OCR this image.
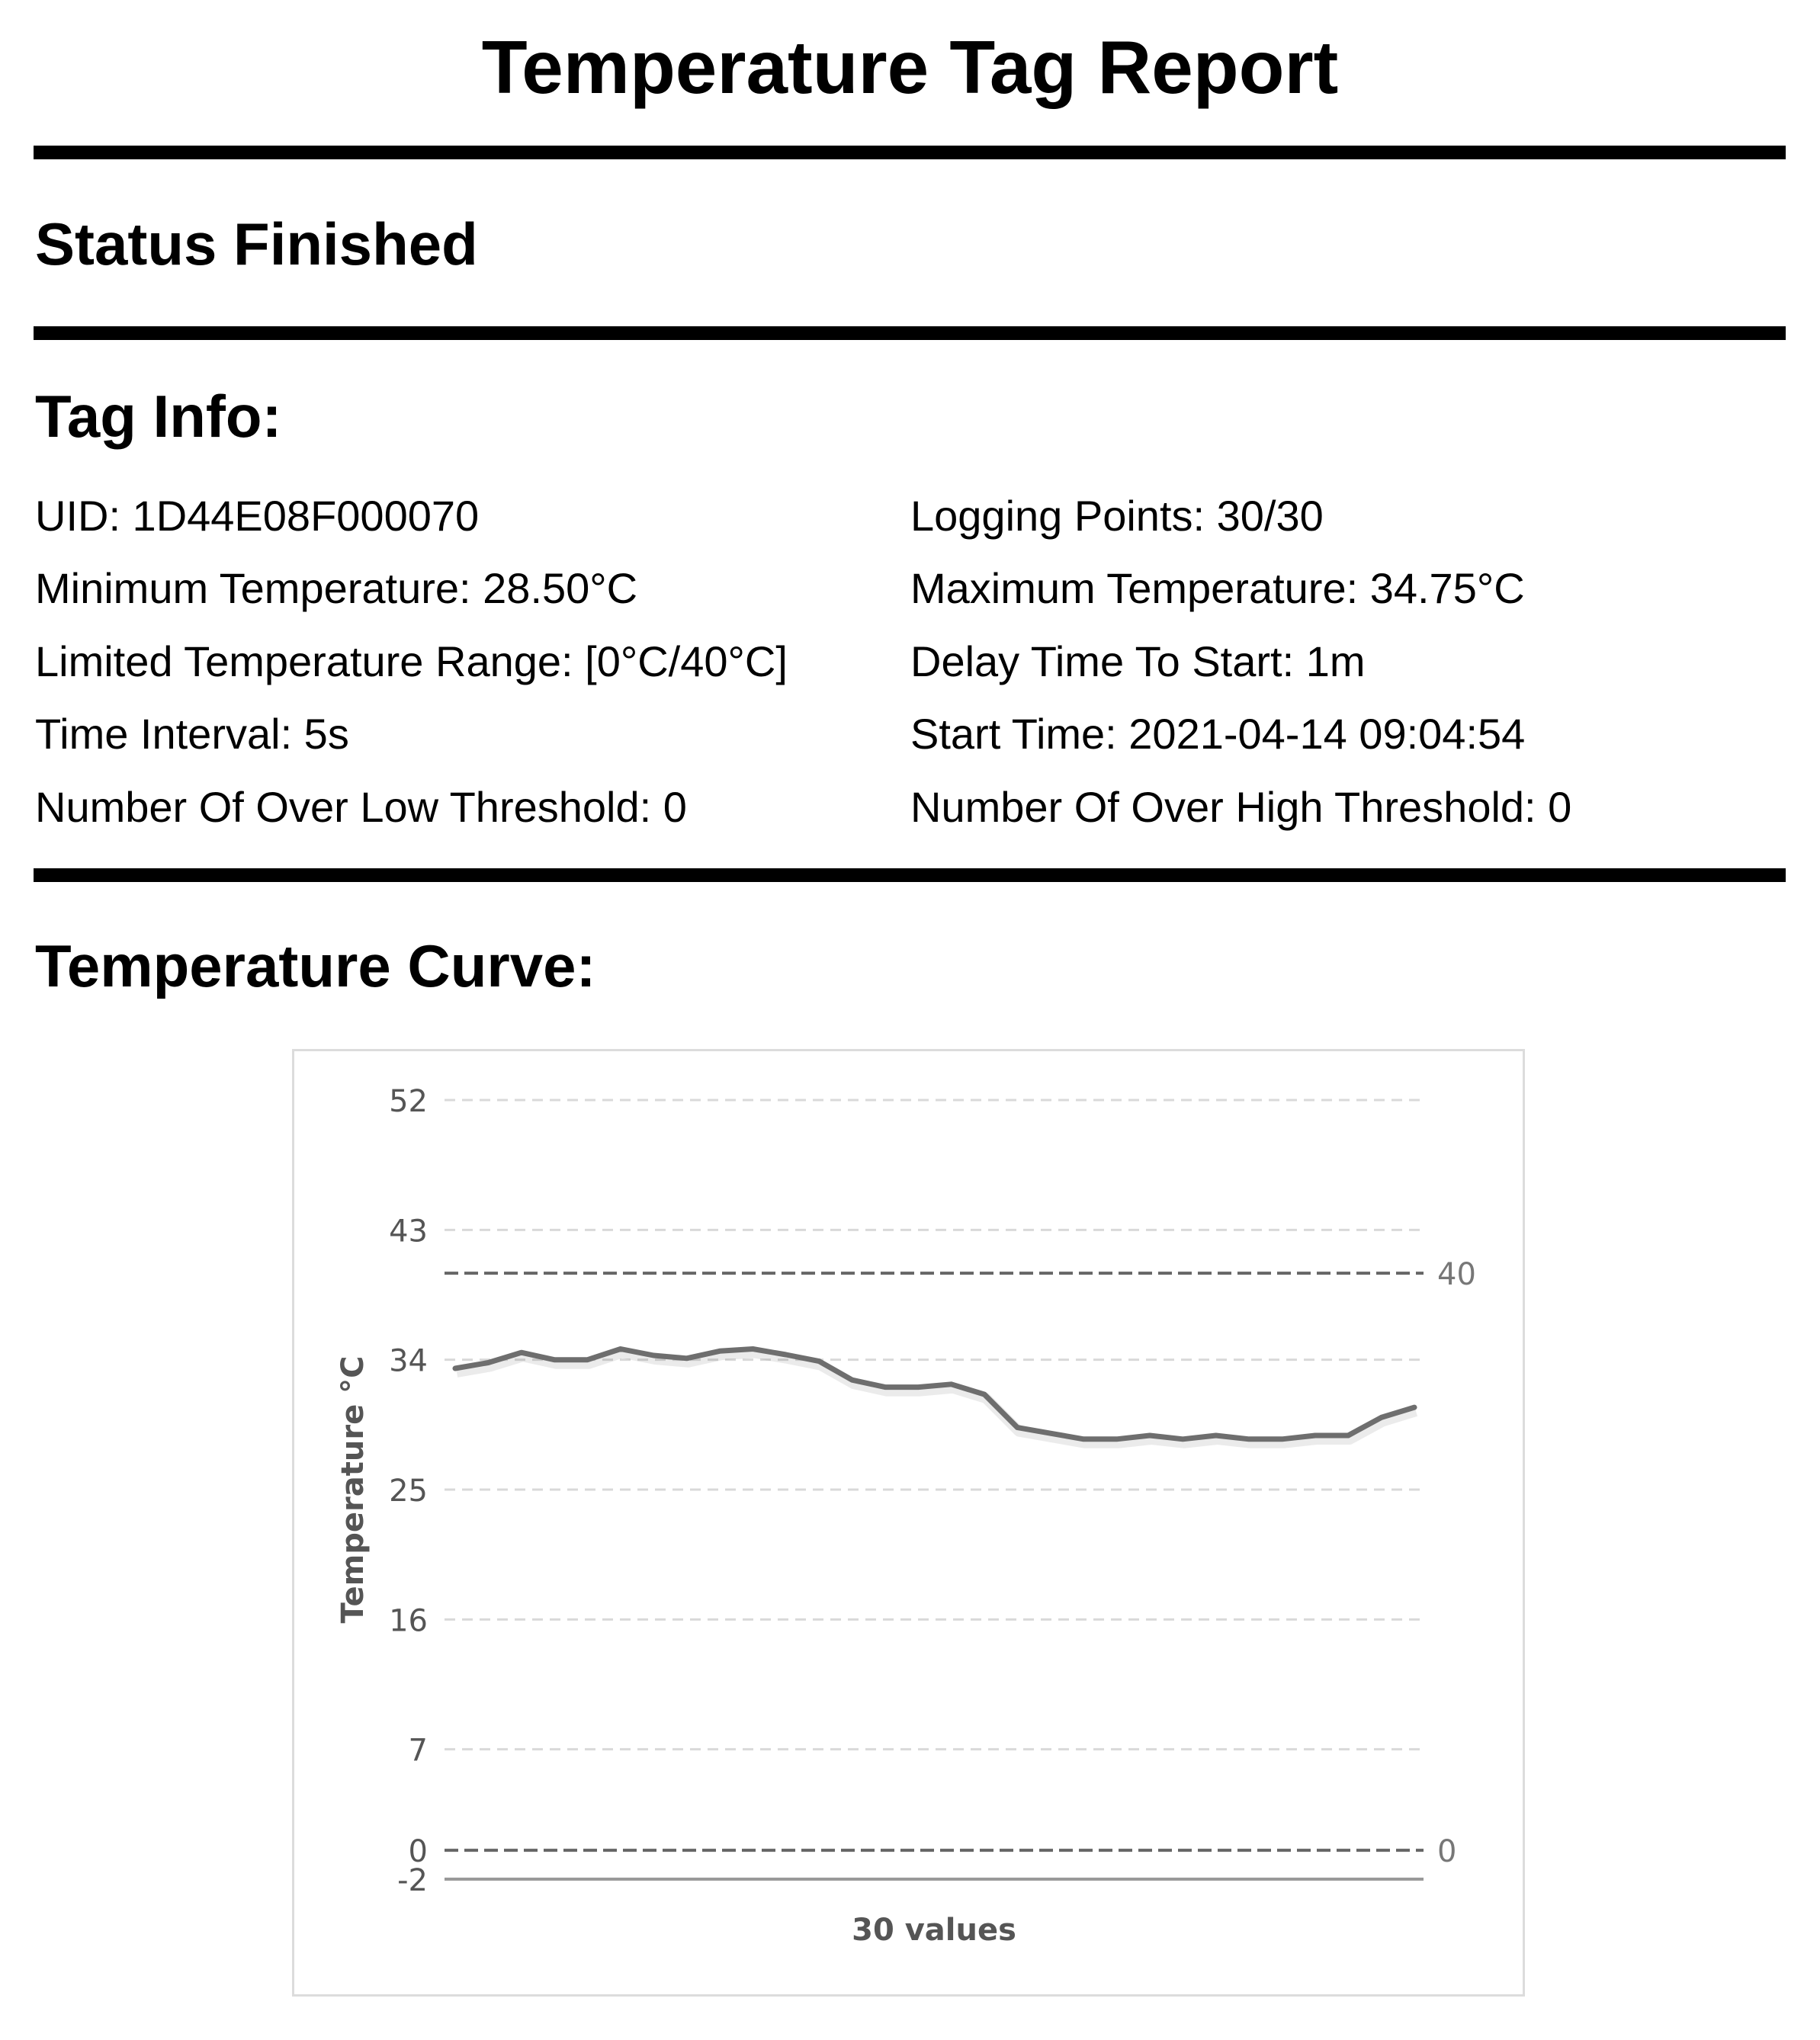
Temperature Tag Report
Status Finished
Tag Info:
UID: 1D44E08F000070
Minimum Temperature: 28.50°C
Limited Temperature Range: [0°C/40°C]
Time Interval: 5s
Number Of Over Low Threshold: 0
Logging Points: 30/30
Maximum Temperature: 34.75°C
Delay Time To Start: 1m
Start Time: 2021-04-14 09:04:54
Number Of Over High Threshold: 0
Temperature Curve:
52
43
34
25
16
7
0
-2
40
0
30 values
Temperature °C
